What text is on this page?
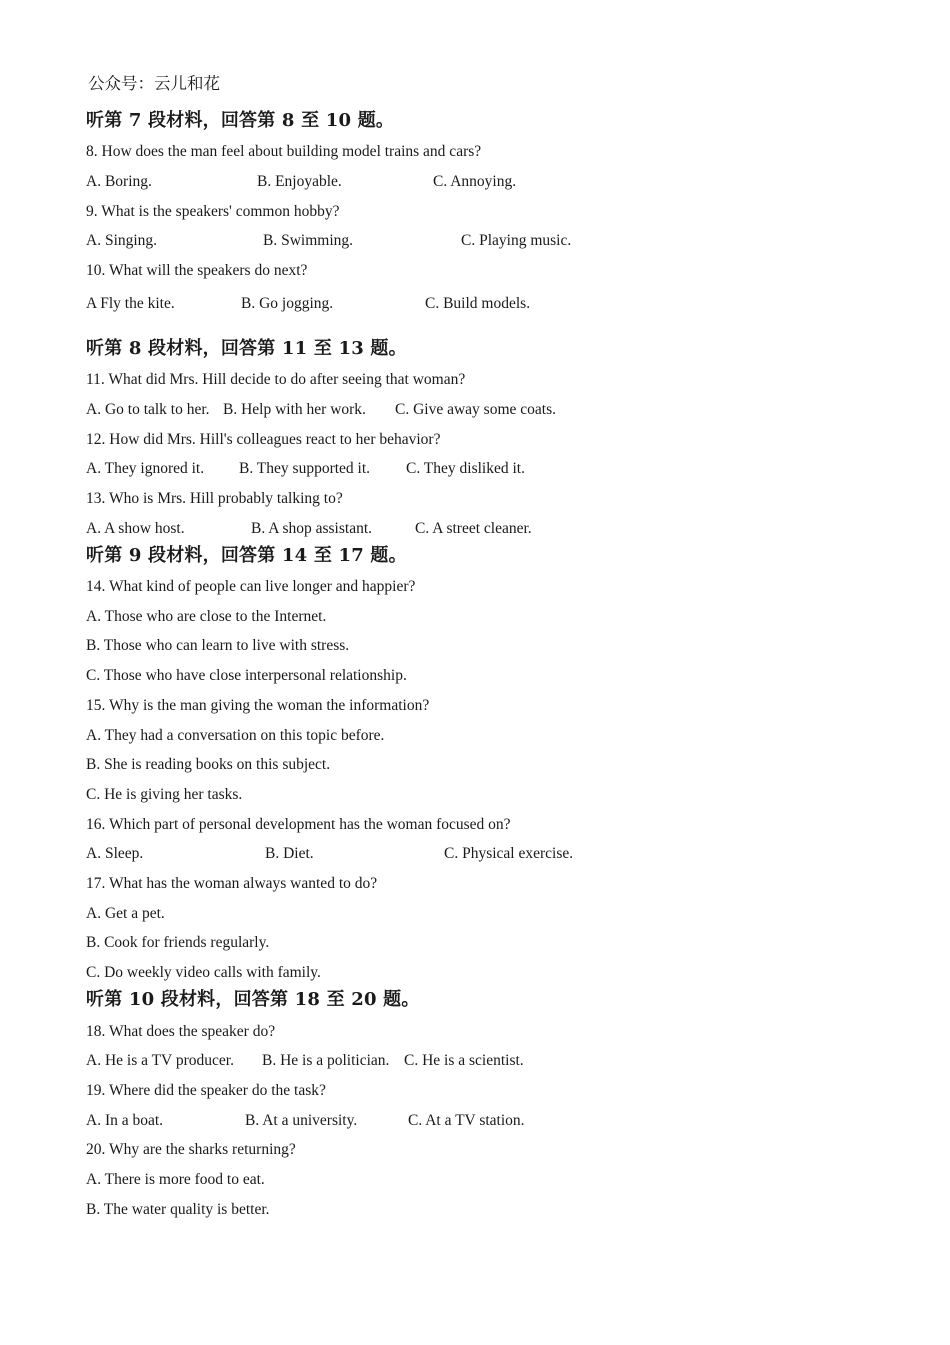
公众号：云儿和花
听第 7 段材料，回答第 8 至 10 题。
8. How does the man feel about building model trains and cars?
A. Boring.	B. Enjoyable.	C. Annoying.
9. What is the speakers' common hobby?
A. Singing.	B. Swimming.	C. Playing music.
10. What will the speakers do next?
A Fly the kite.	B. Go jogging.	C. Build models.
听第 8 段材料，回答第 11 至 13 题。
11. What did Mrs. Hill decide to do after seeing that woman?
A. Go to talk to her. B. Help with her work. C. Give away some coats.
12. How did Mrs. Hill's colleagues react to her behavior?
A. They ignored it. B. They supported it. C. They disliked it.
13. Who is Mrs. Hill probably talking to?
A. A show host.	B. A shop assistant.	C. A street cleaner.
听第 9 段材料，回答第 14 至 17 题。
14. What kind of people can live longer and happier?
A. Those who are close to the Internet.
B. Those who can learn to live with stress.
C. Those who have close interpersonal relationship.
15. Why is the man giving the woman the information?
A. They had a conversation on this topic before.
B. She is reading books on this subject.
C. He is giving her tasks.
16. Which part of personal development has the woman focused on?
A. Sleep.	B. Diet.	C. Physical exercise.
17. What has the woman always wanted to do?
A. Get a pet.
B. Cook for friends regularly.
C. Do weekly video calls with family.
听第 10 段材料，回答第 18 至 20 题。
18. What does the speaker do?
A. He is a TV producer. B. He is a politician. C. He is a scientist.
19. Where did the speaker do the task?
A. In a boat.	B. At a university.	C. At a TV station.
20. Why are the sharks returning?
A. There is more food to eat.
B. The water quality is better.
